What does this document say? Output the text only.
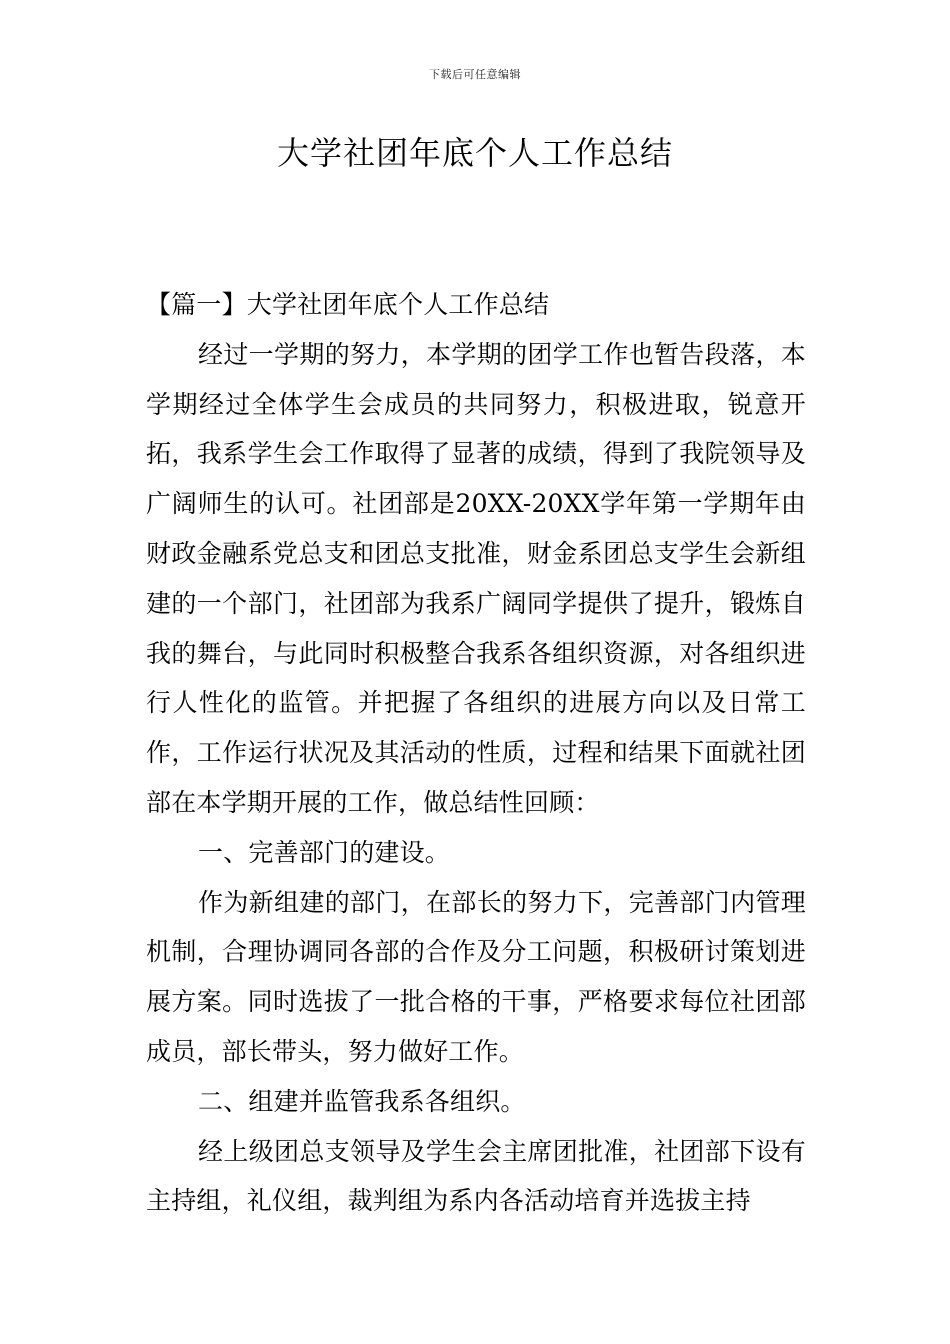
下载后可任意编辑
大学社团年底个人工作总结

【篇一】大学社团年底个人工作总结

经过一学期的努力，本学期的团学工作也暂告段落，本学期经过全体学生会成员的共同努力，积极进取，锐意开拓，我系学生会工作取得了显著的成绩，得到了我院领导及广阔师生的认可。社团部是20XX-20XX学年第一学期年由财政金融系党总支和团总支批准，财金系团总支学生会新组建的一个部门，社团部为我系广阔同学提供了提升，锻炼自我的舞台，与此同时积极整合我系各组织资源，对各组织进行人性化的监管。并把握了各组织的进展方向以及日常工作，工作运行状况及其活动的性质，过程和结果下面就社团部在本学期开展的工作，做总结性回顾：

一、完善部门的建设。

作为新组建的部门，在部长的努力下，完善部门内管理机制，合理协调同各部的合作及分工问题，积极研讨策划进展方案。同时选拔了一批合格的干事，严格要求每位社团部成员，部长带头，努力做好工作。

二、组建并监管我系各组织。

经上级团总支领导及学生会主席团批准，社团部下设有主持组，礼仪组，裁判组为系内各活动培育并选拔主持
